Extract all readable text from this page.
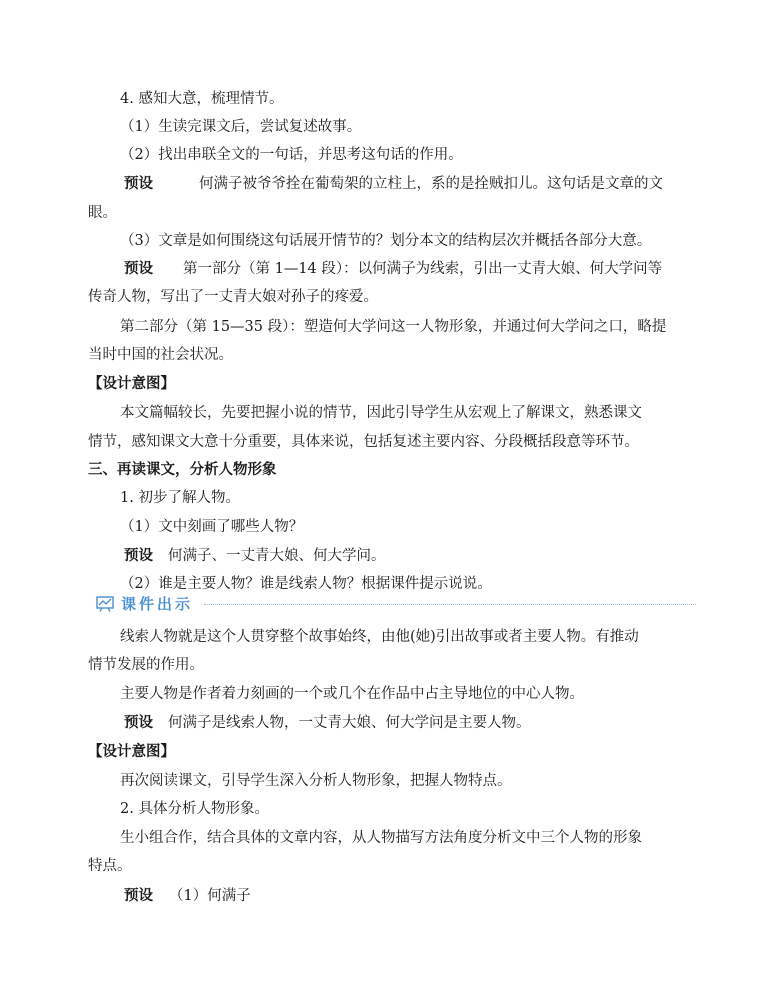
4. 感知大意，梳理情节。
（1）生读完课文后，尝试复述故事。
（2）找出串联全文的一句话，并思考这句话的作用。
预设	何满子被爷爷拴在葡萄架的立柱上，系的是拴贼扣儿。这句话是文章的文
眼。
（3）文章是如何围绕这句话展开情节的？划分本文的结构层次并概括各部分大意。
预设 第一部分（第 1—14 段）：以何满子为线索，引出一丈青大娘、何大学问等
传奇人物，写出了一丈青大娘对孙子的疼爱。
第二部分（第 15—35 段）：塑造何大学问这一人物形象，并通过何大学问之口，略提
当时中国的社会状况。
【设计意图】
本文篇幅较长，先要把握小说的情节，因此引导学生从宏观上了解课文，熟悉课文
情节，感知课文大意十分重要，具体来说，包括复述主要内容、分段概括段意等环节。
三、再读课文，分析人物形象
1. 初步了解人物。
（1）文中刻画了哪些人物？
预设 何满子、一丈青大娘、何大学问。
（2）谁是主要人物？谁是线索人物？根据课件提示说说。
课件出示
线索人物就是这个人贯穿整个故事始终，由他(她)引出故事或者主要人物。有推动
情节发展的作用。
主要人物是作者着力刻画的一个或几个在作品中占主导地位的中心人物。
预设 何满子是线索人物，一丈青大娘、何大学问是主要人物。
【设计意图】
再次阅读课文，引导学生深入分析人物形象，把握人物特点。
2. 具体分析人物形象。
生小组合作，结合具体的文章内容，从人物描写方法角度分析文中三个人物的形象
特点。
预设 （1）何满子
